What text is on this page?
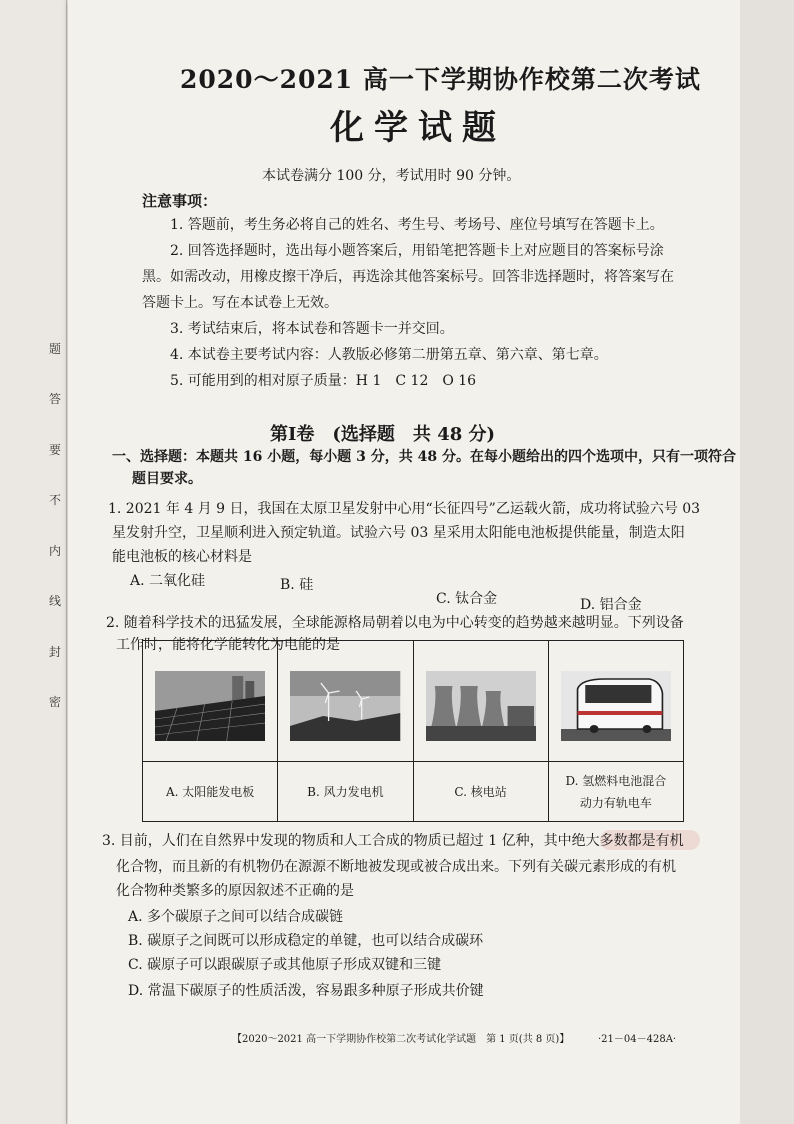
题
答
要
不
内
线
封
密
2020～2021 高一下学期协作校第二次考试
化学试题
本试卷满分 100 分，考试用时 90 分钟。
注意事项：
1. 答题前，考生务必将自己的姓名、考生号、考场号、座位号填写在答题卡上。
2. 回答选择题时，选出每小题答案后，用铅笔把答题卡上对应题目的答案标号涂
黑。如需改动，用橡皮擦干净后，再选涂其他答案标号。回答非选择题时，将答案写在
答题卡上。写在本试卷上无效。
3. 考试结束后，将本试卷和答题卡一并交回。
4. 本试卷主要考试内容：人教版必修第二册第五章、第六章、第七章。
5. 可能用到的相对原子质量：H 1　C 12　O 16
第Ⅰ卷　(选择题　共 48 分)
一、选择题：本题共 16 小题，每小题 3 分，共 48 分。在每小题给出的四个选项中，只有一项符合
题目要求。
1. 2021 年 4 月 9 日，我国在太原卫星发射中心用“长征四号”乙运载火箭，成功将试验六号 03
星发射升空，卫星顺利进入预定轨道。试验六号 03 星采用太阳能电池板提供能量，制造太阳
能电池板的核心材料是
A. 二氧化硅	B. 硅
C. 钛合金	D. 铝合金
2. 随着科学技术的迅猛发展，全球能源格局朝着以电为中心转变的趋势越来越明显。下列设备
工作时，能将化学能转化为电能的是
A. 太阳能发电板	B. 风力发电机	C. 核电站
D. 氢燃料电池混合
动力有轨电车
3. 目前，人们在自然界中发现的物质和人工合成的物质已超过 1 亿种，其中绝大多数都是有机
化合物，而且新的有机物仍在源源不断地被发现或被合成出来。下列有关碳元素形成的有机
化合物种类繁多的原因叙述不正确的是
A. 多个碳原子之间可以结合成碳链
B. 碳原子之间既可以形成稳定的单键，也可以结合成碳环
C. 碳原子可以跟碳原子或其他原子形成双键和三键
D. 常温下碳原子的性质活泼，容易跟多种原子形成共价键
【2020～2021 高一下学期协作校第二次考试化学试题　第 1 页(共 8 页)】	·21－04－428A·
